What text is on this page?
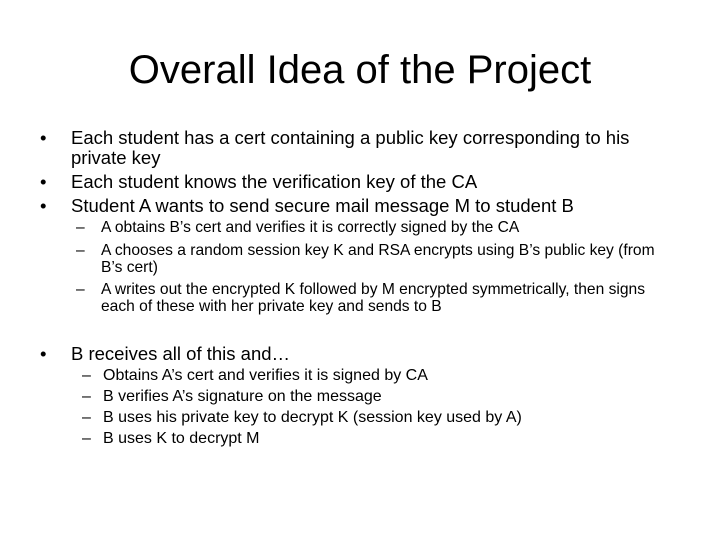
Overall Idea of the Project
•	Each student has a cert containing a public key corresponding to his private key
•	Each student knows the verification key of the CA
•	Student A wants to send secure mail message M to student B
–	A obtains B’s cert and verifies it is correctly signed by the CA
–	A chooses a random session key K and RSA encrypts using B’s public key (from B’s cert)
–	A writes out the encrypted K followed by M encrypted symmetrically, then signs each of these with her private key and sends to B
•	B receives all of this and…
– Obtains A’s cert and verifies it is signed by CA
– B verifies A’s signature on the message
– B uses his private key to decrypt K (session key used by A)
– B uses K to decrypt M
